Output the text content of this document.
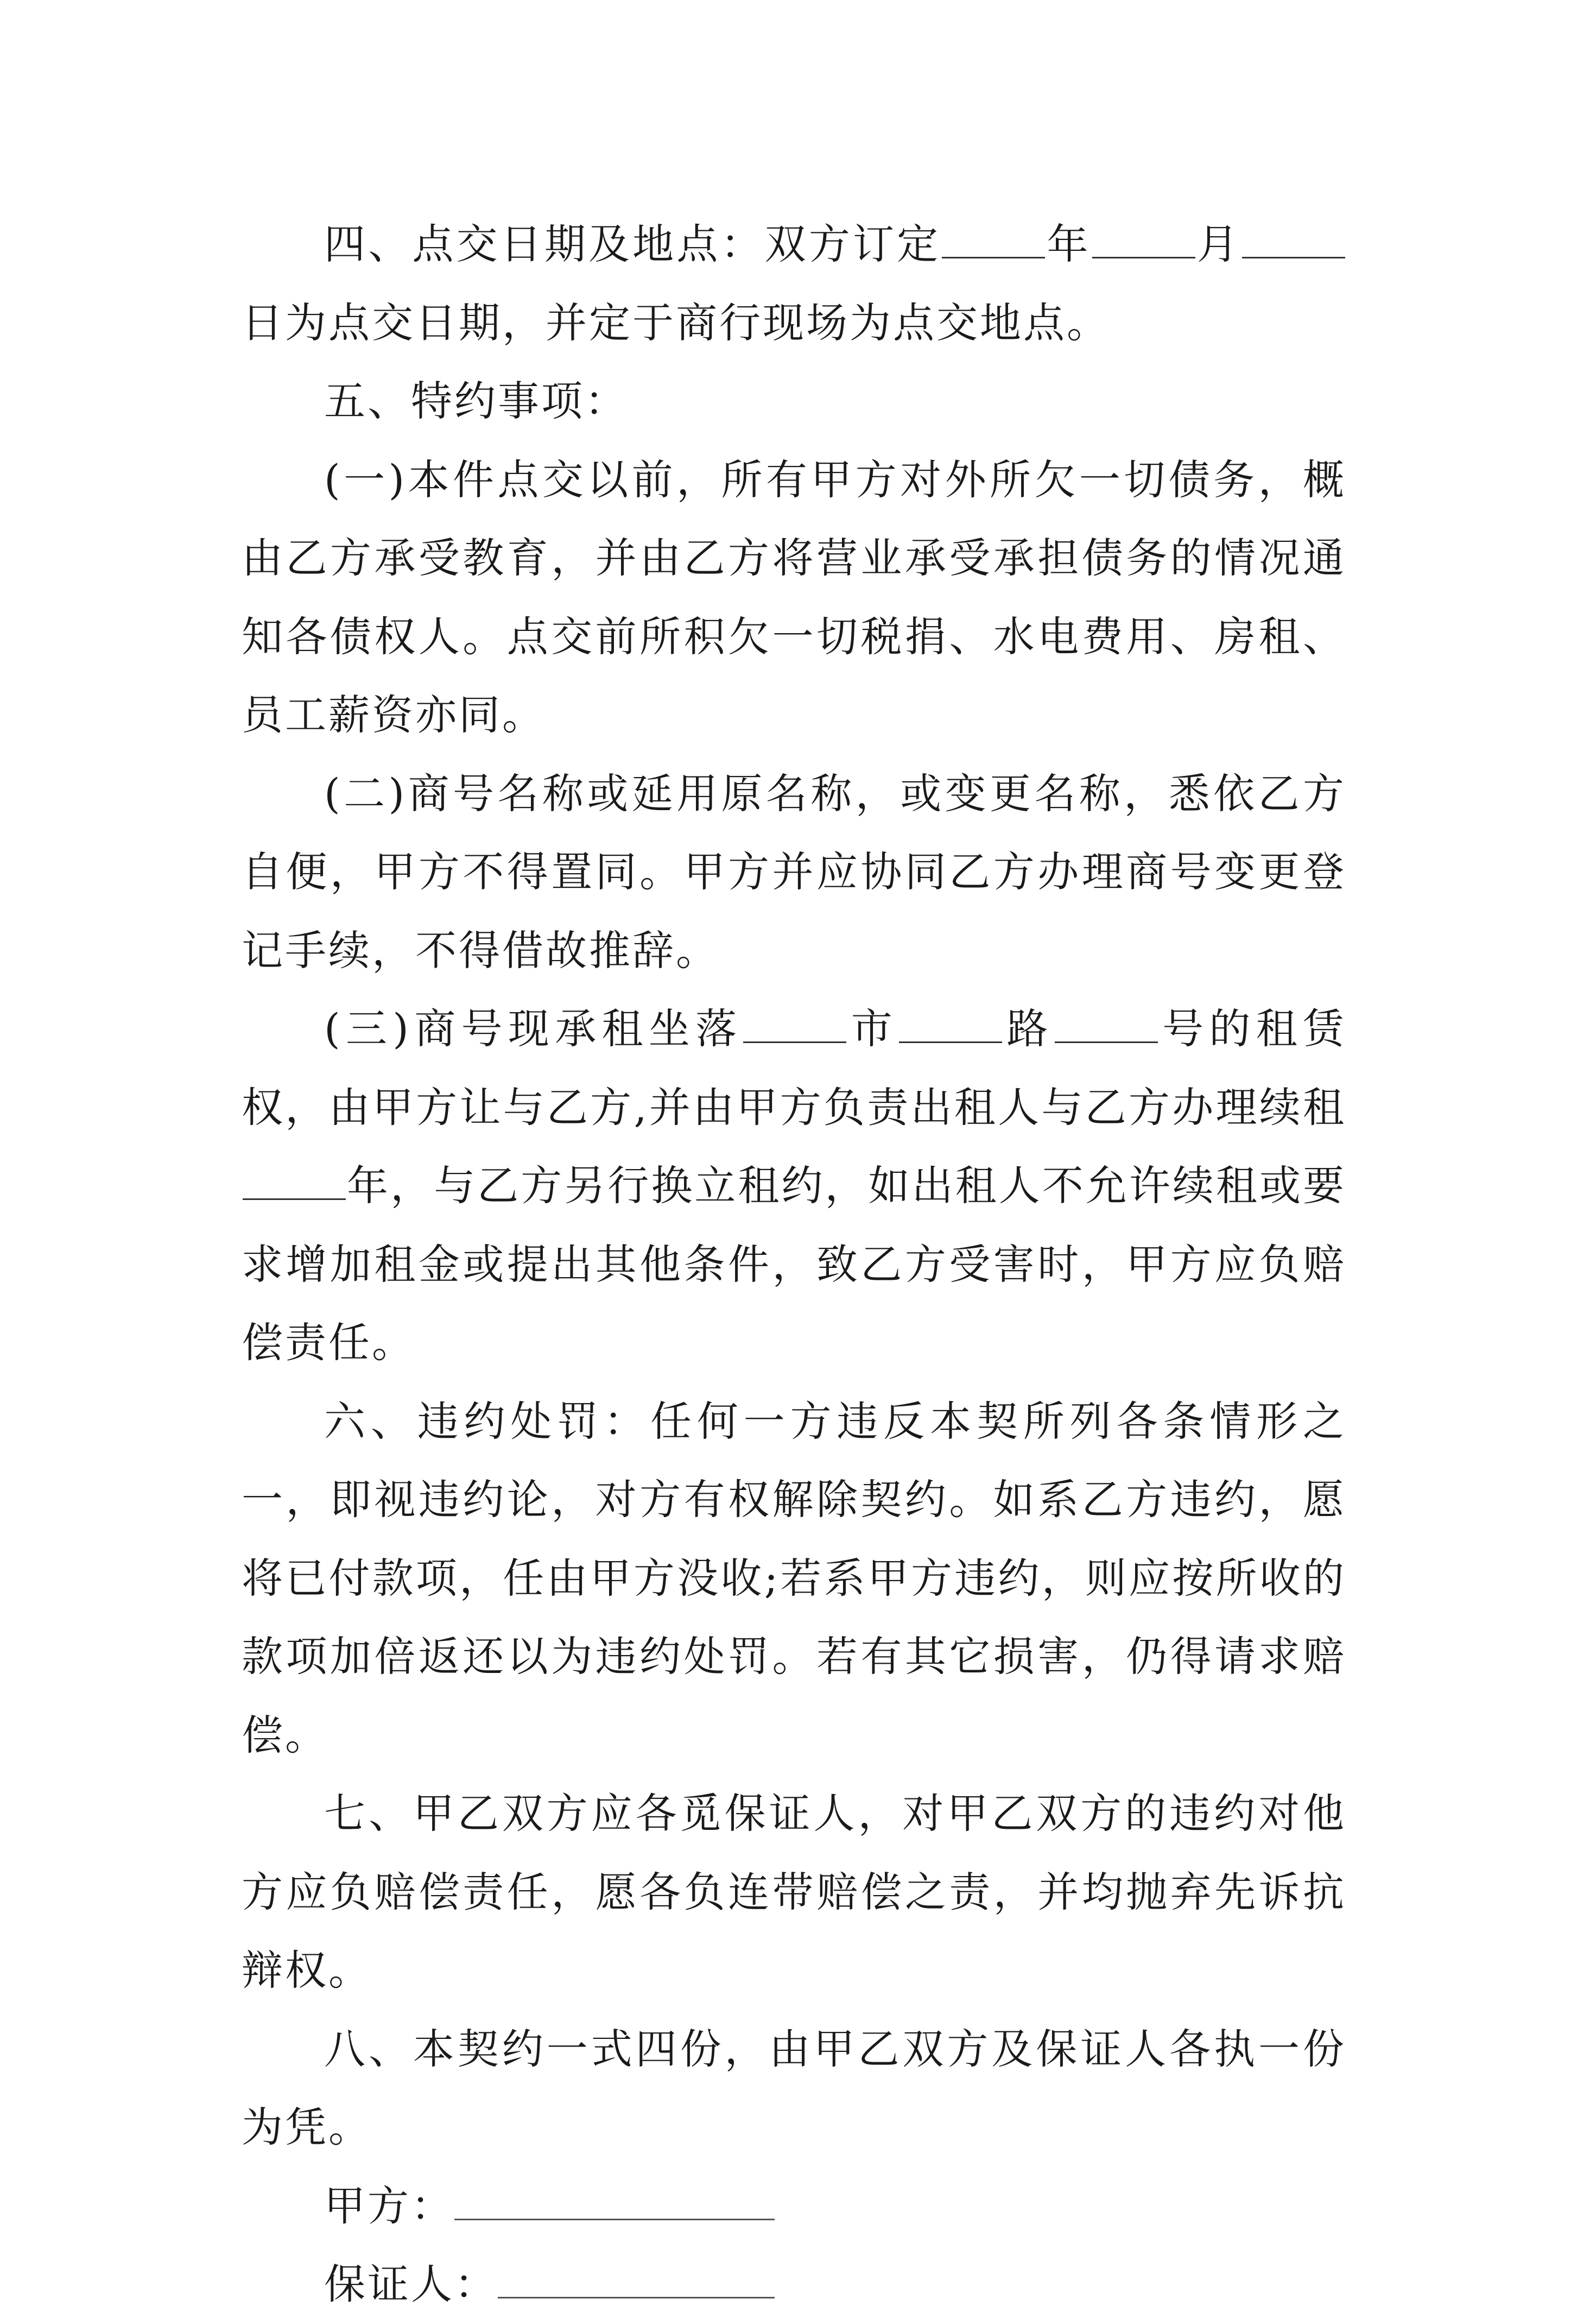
四、点交日期及地点：双方订定	年	月日为点交日期，并定于商行现场为点交地点。

五、特约事项：

(一)本件点交以前，所有甲方对外所欠一切债务，概由乙方承受教育，并由乙方将营业承受承担债务的情况通知各债权人。点交前所积欠一切税捐、水电费用、房租、员工薪资亦同。

(二)商号名称或延用原名称，或变更名称，悉依乙方自便，甲方不得置同。甲方并应协同乙方办理商号变更登记手续，不得借故推辞。

(三)商号现承租坐落	市	路	号的租赁权，由甲方让与乙方,并由甲方负责出租人与乙方办理续租年，与乙方另行换立租约，如出租人不允许续租或要求增加租金或提出其他条件，致乙方受害时，甲方应负赔偿责任。

六、违约处罚：任何一方违反本契所列各条情形之一，即视违约论，对方有权解除契约。如系乙方违约，愿将已付款项，任由甲方没收;若系甲方违约，则应按所收的款项加倍返还以为违约处罚。若有其它损害，仍得请求赔偿。

七、甲乙双方应各觅保证人，对甲乙双方的违约对他方应负赔偿责任，愿各负连带赔偿之责，并均抛弃先诉抗辩权。

八、本契约一式四份，由甲乙双方及保证人各执一份为凭。

甲方：

保证人：
